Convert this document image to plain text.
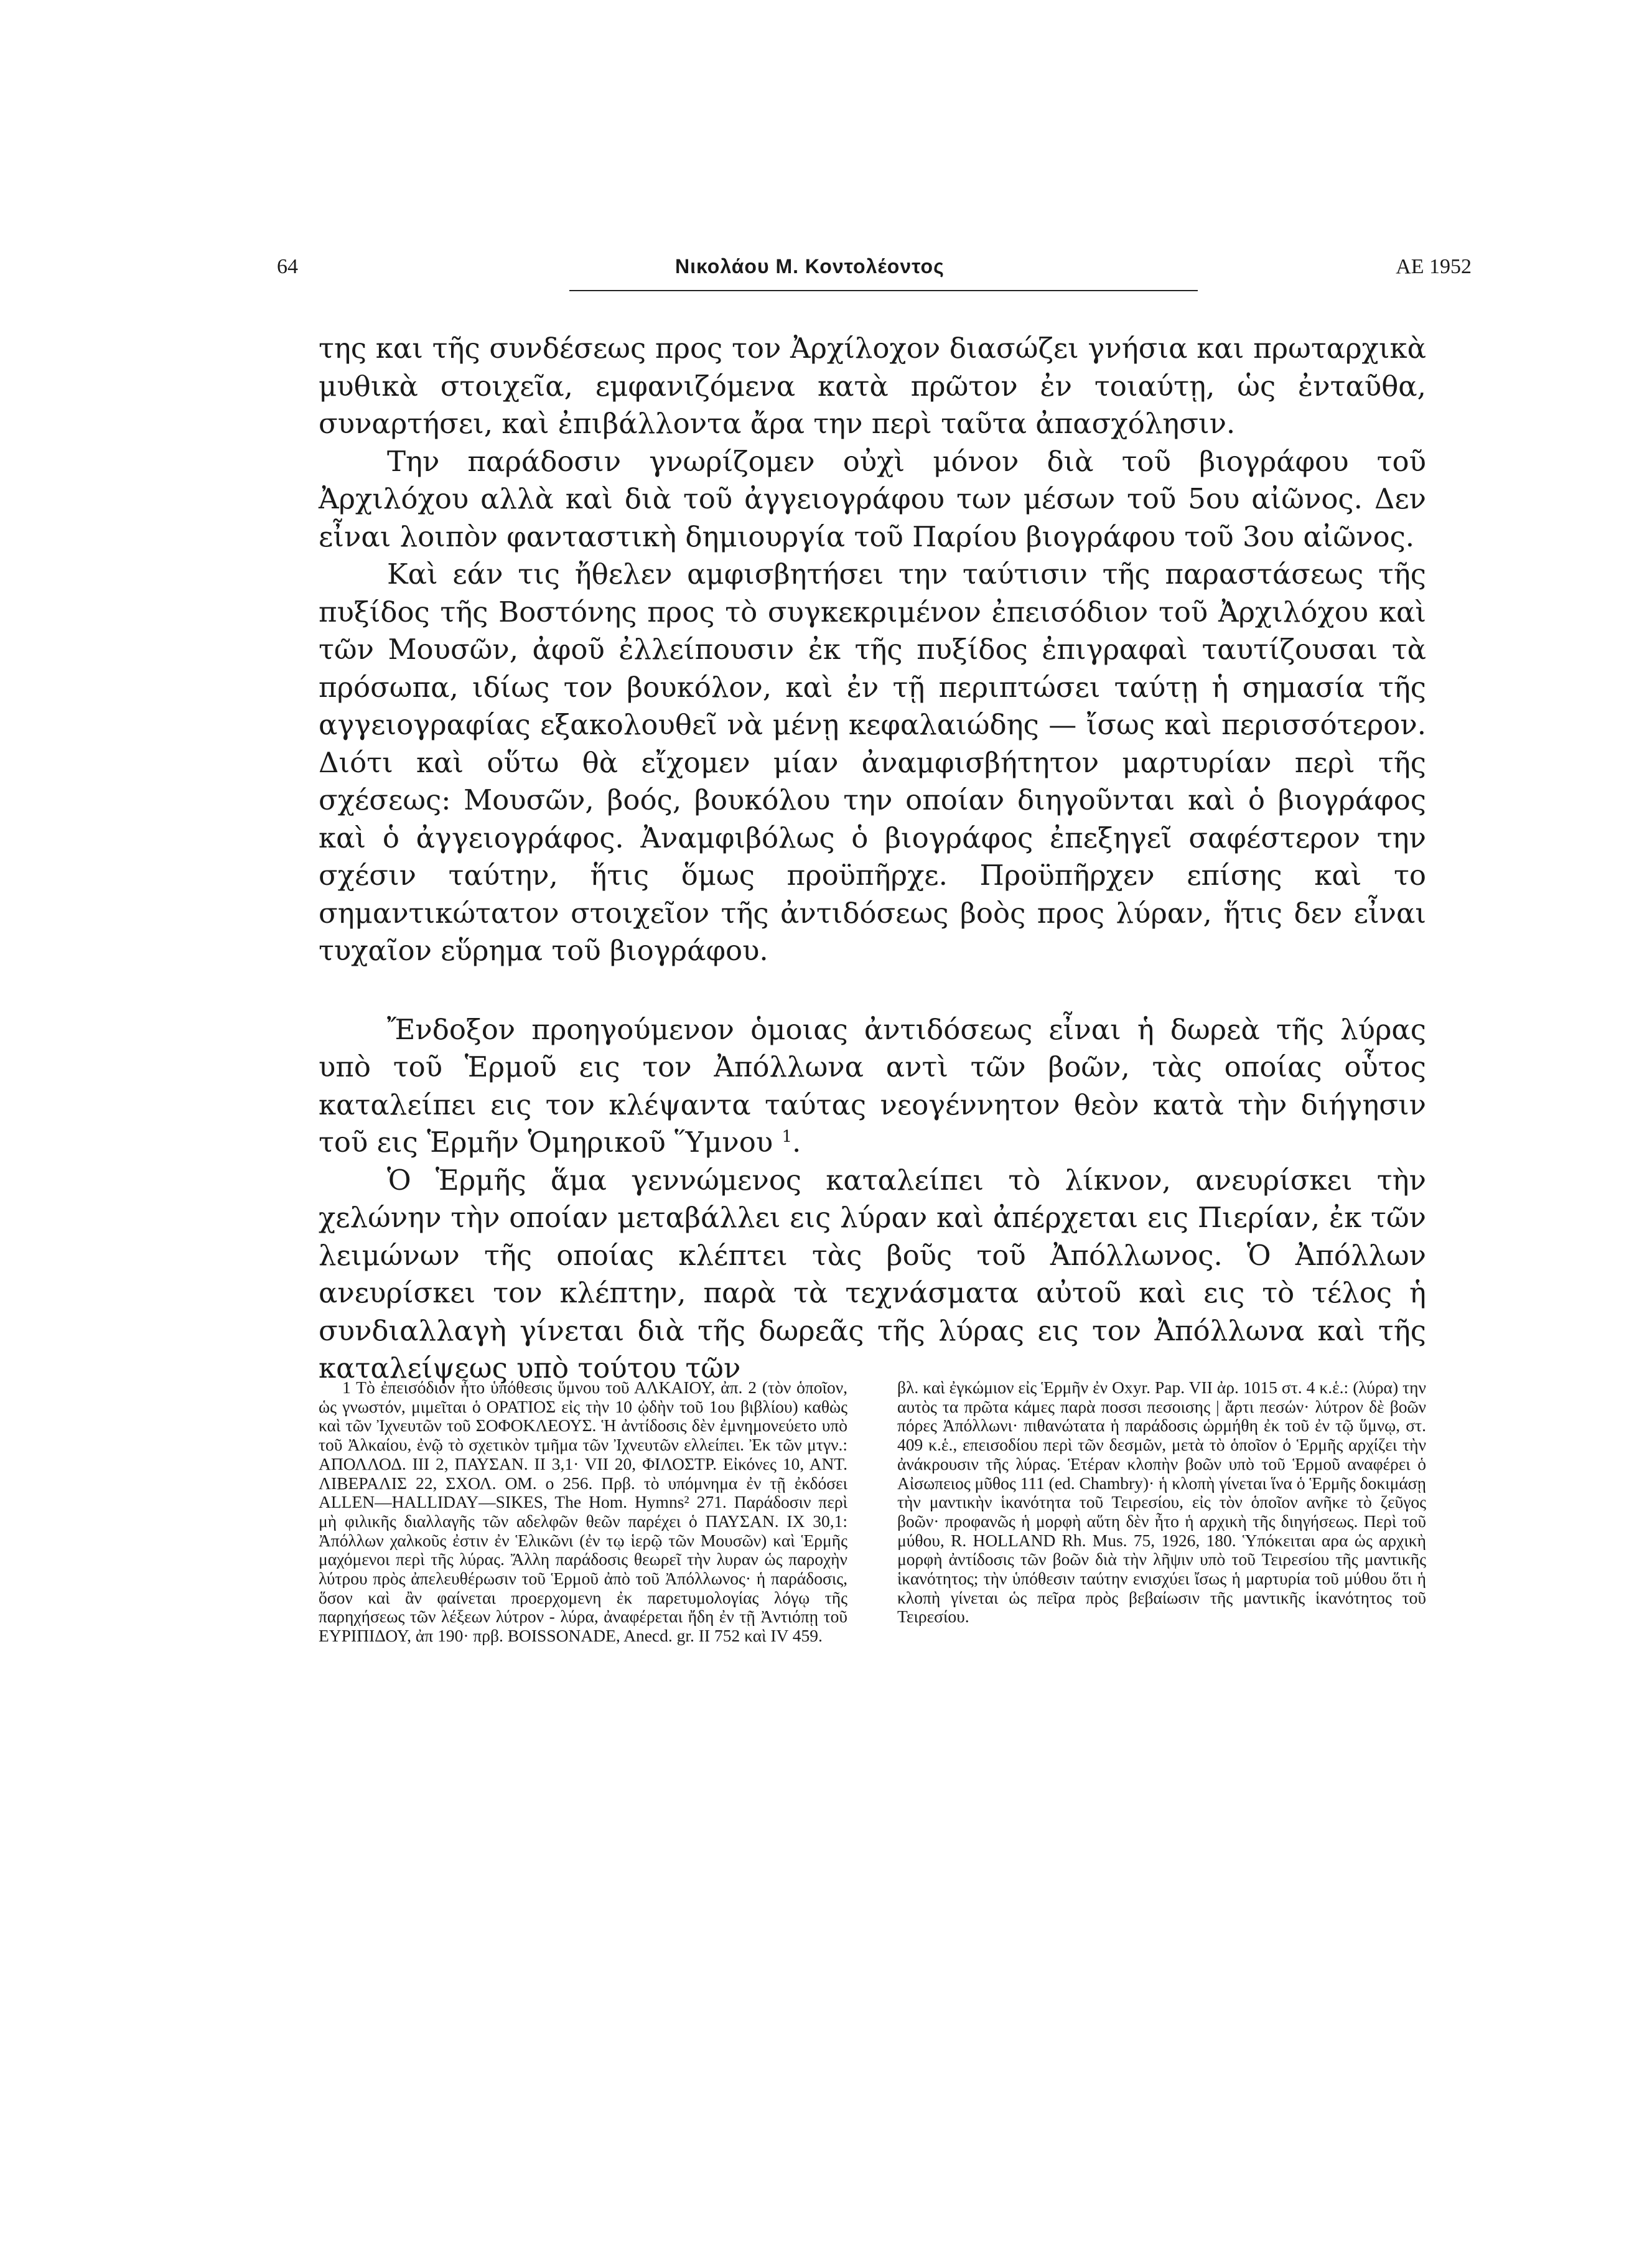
64	Νικολάου Μ. Κοντολέοντος	ΑΕ 1952

της και τῆς συνδέσεως προς τον Ἀρχίλοχον διασώζει γνήσια και πρωταρχικὰ μυθικὰ στοιχεῖα, εμφανιζόμενα κατὰ πρῶτον ἐν τοιαύτῃ, ὡς ἐνταῦθα, συναρτήσει, καὶ ἐπιβάλλοντα ἄρα την περὶ ταῦτα ἀπασχόλησιν.

Την παράδοσιν γνωρίζομεν οὐχὶ μόνον διὰ τοῦ βιογράφου τοῦ Ἀρχιλόχου αλλὰ καὶ διὰ τοῦ ἀγγειογράφου των μέσων τοῦ 5ου αἰῶνος. Δεν εἶναι λοιπὸν φανταστικὴ δημιουργία τοῦ Παρίου βιογράφου τοῦ 3ου αἰῶνος.

Καὶ εάν τις ἤθελεν αμφισβητήσει την ταύτισιν τῆς παραστάσεως τῆς πυξίδος τῆς Βοστόνης προς τὸ συγκεκριμένον ἐπεισόδιον τοῦ Ἀρχιλόχου καὶ τῶν Μουσῶν, ἀφοῦ ἐλλείπουσιν ἐκ τῆς πυξίδος ἐπιγραφαὶ ταυτίζουσαι τὰ πρόσωπα, ιδίως τον βουκόλον, καὶ ἐν τῇ περιπτώσει ταύτῃ ἡ σημασία τῆς αγγειογραφίας εξακολουθεῖ νὰ μένῃ κεφαλαιώδης — ἴσως καὶ περισσότερον. Διότι καὶ οὕτω θὰ εἴχομεν μίαν ἀναμφισβήτητον μαρτυρίαν περὶ τῆς σχέσεως: Μουσῶν, βοός, βουκόλου την οποίαν διηγοῦνται καὶ ὁ βιογράφος καὶ ὁ ἀγγειογράφος. Ἀναμφιβόλως ὁ βιογράφος ἐπεξηγεῖ σαφέστερον την σχέσιν ταύτην, ἥτις ὅμως προϋπῆρχε. Προϋπῆρχεν επίσης καὶ το σημαντικώτατον στοιχεῖον τῆς ἀντιδόσεως βοὸς προς λύραν, ἥτις δεν εἶναι τυχαῖον εὕρημα τοῦ βιογράφου.

Ἔνδοξον προηγούμενον ὁμοιας ἀντιδόσεως εἶναι ἡ δωρεὰ τῆς λύρας υπὸ τοῦ Ἑρμοῦ εις τον Ἀπόλλωνα αντὶ τῶν βοῶν, τὰς οποίας οὗτος καταλείπει εις τον κλέψαντα ταύτας νεογέννητον θεὸν κατὰ τὴν διήγησιν τοῦ εις Ἑρμῆν Ὁμηρικοῦ Ὕμνου $^1$.

Ὁ Ἑρμῆς ἅμα γεννώμενος καταλείπει τὸ λίκνον, ανευρίσκει τὴν χελώνην τὴν οποίαν μεταβάλλει εις λύραν καὶ ἀπέρχεται εις Πιερίαν, ἐκ τῶν λειμώνων τῆς οποίας κλέπτει τὰς βοῦς τοῦ Ἀπόλλωνος. Ὁ Ἀπόλλων ανευρίσκει τον κλέπτην, παρὰ τὰ τεχνάσματα αὐτοῦ καὶ εις τὸ τέλος ἡ συνδιαλλαγὴ γίνεται διὰ τῆς δωρεᾶς τῆς λύρας εις τον Ἀπόλλωνα καὶ τῆς καταλείψεως υπὸ τούτου τῶν

1 Τὸ ἐπεισόδιον ἦτο ὑπόθεσις ὕμνου τοῦ ΑΛΚΑΙΟΥ, ἀπ. 2 (τὸν ὁποῖον, ὡς γνωστόν, μιμεῖται ὁ ΟΡΑΤΙΟΣ εἰς τὴν 10 ᾠδὴν τοῦ 1ου βιβλίου) καθὼς καὶ τῶν Ἰχνευτῶν τοῦ ΣΟΦΟΚΛΕΟΥΣ. Ἡ ἀντίδοσις δὲν ἐμνημονεύετο υπὸ τοῦ Ἀλκαίου, ἐνῷ τὸ σχετικὸν τμῆμα τῶν Ἰχνευτῶν ελλείπει. Ἐκ τῶν μτγν.: ΑΠΟΛΛΟΔ. III 2, ΠΑΥΣΑΝ. II 3,1· VII 20, ΦΙΛΟΣΤΡ. Εἰκόνες 10, ΑΝΤ. ΛΙΒΕΡΑΛΙΣ 22, ΣΧΟΛ. ΟΜ. ο 256. Πρβ. τὸ υπόμνημα ἐν τῇ ἐκδόσει ALLEN—HALLIDAY—SIKES, The Hom. Hymns² 271. Παράδοσιν περὶ μὴ φιλικῆς διαλλαγῆς τῶν αδελφῶν θεῶν παρέχει ὁ ΠΑΥΣΑΝ. IX 30,1: Ἀπόλλων χαλκοῦς ἐστιν ἐν Ἑλικῶνι (ἐν τῳ ἱερῷ τῶν Μουσῶν) καὶ Ἑρμῆς μαχόμενοι περὶ τῆς λύρας. Ἄλλη παράδοσις θεωρεῖ τὴν λυραν ὡς παροχὴν λύτρου πρὸς ἀπελευθέρωσιν τοῦ Ἑρμοῦ ἀπὸ τοῦ Ἀπόλλωνος· ἡ παράδοσις, ὅσον καὶ ἂν φαίνεται προερχομενη ἐκ παρετυμολογίας λόγῳ τῆς παρηχήσεως τῶν λέξεων λύτρον - λύρα, ἀναφέρεται ἤδη ἐν τῇ Ἀντιόπῃ τοῦ ΕΥΡΙΠΙΔΟΥ, ἀπ 190· πρβ. BOISSONADE, Anecd. gr. II 752 καὶ IV 459.

βλ. καὶ ἐγκώμιον εἰς Ἑρμῆν ἐν Oxyr. Pap. VII ἀρ. 1015 στ. 4 κ.ἑ.: (λύρα) την αυτὸς τα πρῶτα κάμες παρὰ ποσσι πεσοισης | ἄρτι πεσών· λύτρον δὲ βοῶν πόρες Ἀπόλλωνι· πιθανώτατα ἡ παράδοσις ὡρμήθη ἐκ τοῦ ἐν τῷ ὕμνῳ, στ. 409 κ.ἑ., επεισοδίου περὶ τῶν δεσμῶν, μετὰ τὸ ὁποῖον ὁ Ἑρμῆς αρχίζει τὴν ἀνάκρουσιν τῆς λύρας. Ἑτέραν κλοπὴν βοῶν υπὸ τοῦ Ἑρμοῦ αναφέρει ὁ Αἰσωπειος μῦθος 111 (ed. Chambry)· ἡ κλοπὴ γίνεται ἵνα ὁ Ἑρμῆς δοκιμάσῃ τὴν μαντικὴν ἱκανότητα τοῦ Τειρεσίου, εἰς τὸν ὁποῖον ανῆκε τὸ ζεῦγος βοῶν· προφανῶς ἡ μορφὴ αὕτη δὲν ἦτο ἡ αρχικὴ τῆς διηγήσεως. Περὶ τοῦ μύθου, R. HOLLAND Rh. Mus. 75, 1926, 180. Ὑπόκειται αρα ὡς αρχικὴ μορφὴ ἀντίδοσις τῶν βοῶν διὰ τὴν λῆψιν υπὸ τοῦ Τειρεσίου τῆς μαντικῆς ἱκανότητος; τὴν ὑπόθεσιν ταύτην ενισχύει ἴσως ἡ μαρτυρία τοῦ μύθου ὅτι ἡ κλοπὴ γίνεται ὡς πεῖρα πρὸς βεβαίωσιν τῆς μαντικῆς ἱκανότητος τοῦ Τειρεσίου.
